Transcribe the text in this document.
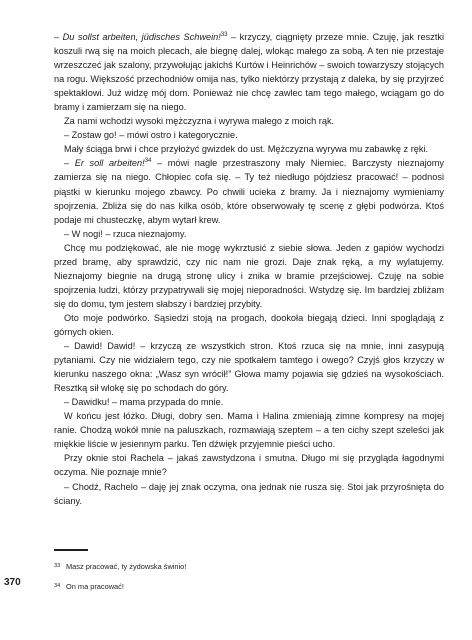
– Du sollst arbeiten, jüdisches Schwein!$^{33}$ – krzyczy, ciągnięty przeze mnie. Czuję, jak resztki koszuli rwą się na moich plecach, ale biegnę dalej, wlokąc małego za sobą. A ten nie przestaje wrzeszczeć jak szalony, przywołując jakichś Kurtów i Heinrichów – swoich towarzyszy stojących na rogu. Większość przechodniów omija nas, tylko niektórzy przystają z daleka, by się przyjrzeć spektaklowi. Już widzę mój dom. Ponieważ nie chcę zawlec tam tego małego, wciągam go do bramy i zamierzam się na niego.

Za nami wchodzi wysoki mężczyzna i wyrywa małego z moich rąk.

– Zostaw go! – mówi ostro i kategorycznie.

Mały ściąga brwi i chce przyłożyć gwizdek do ust. Mężczyzna wyrywa mu zabawkę z ręki.

– Er soll arbeiten!$^{34}$ – mówi nagle przestraszony mały Niemiec. Barczysty nieznajomy zamierza się na niego. Chłopiec cofa się. – Ty też niedługo pójdziesz pracować! – podnosi piąstki w kierunku mojego zbawcy. Po chwili ucieka z bramy. Ja i nieznajomy wymieniamy spojrzenia. Zbliża się do nas kilka osób, które obserwowały tę scenę z głębi podwórza. Ktoś podaje mi chusteczkę, abym wytarł krew.

– W nogi! – rzuca nieznajomy.

Chcę mu podziękować, ale nie mogę wykrztusić z siebie słowa. Jeden z gapiów wychodzi przed bramę, aby sprawdzić, czy nic nam nie grozi. Daje znak ręką, a my wylatujemy. Nieznajomy biegnie na drugą stronę ulicy i znika w bramie przejściowej. Czuję na sobie spojrzenia ludzi, którzy przypatrywali się mojej nieporadności. Wstydzę się. Im bardziej zbliżam się do domu, tym jestem słabszy i bardziej przybity.

Oto moje podwórko. Sąsiedzi stoją na progach, dookoła biegają dzieci. Inni spoglądają z górnych okien.

– Dawid! Dawid! – krzyczą ze wszystkich stron. Ktoś rzuca się na mnie, inni zasypują pytaniami. Czy nie widziałem tego, czy nie spotkałem tamtego i owego? Czyjś głos krzyczy w kierunku naszego okna: „Wasz syn wrócił!” Głowa mamy pojawia się gdzieś na wysokościach. Resztką sił wlokę się po schodach do góry.

– Dawidku! – mama przypada do mnie.

W końcu jest łóżko. Długi, dobry sen. Mama i Halina zmieniają zimne kompresy na mojej ranie. Chodzą wokół mnie na paluszkach, rozmawiają szeptem – a ten cichy szept szeleści jak miękkie liście w jesiennym parku. Ten dźwięk przyjemnie pieści ucho.

Przy oknie stoi Rachela – jakaś zawstydzona i smutna. Długo mi się przygląda łagodnymi oczyma. Nie poznaje mnie?

– Chodź, Rachelo – daję jej znak oczyma, ona jednak nie rusza się. Stoi jak przyrośnięta do ściany.

33 Masz pracować, ty żydowska świnio!
34 On ma pracować!
370
